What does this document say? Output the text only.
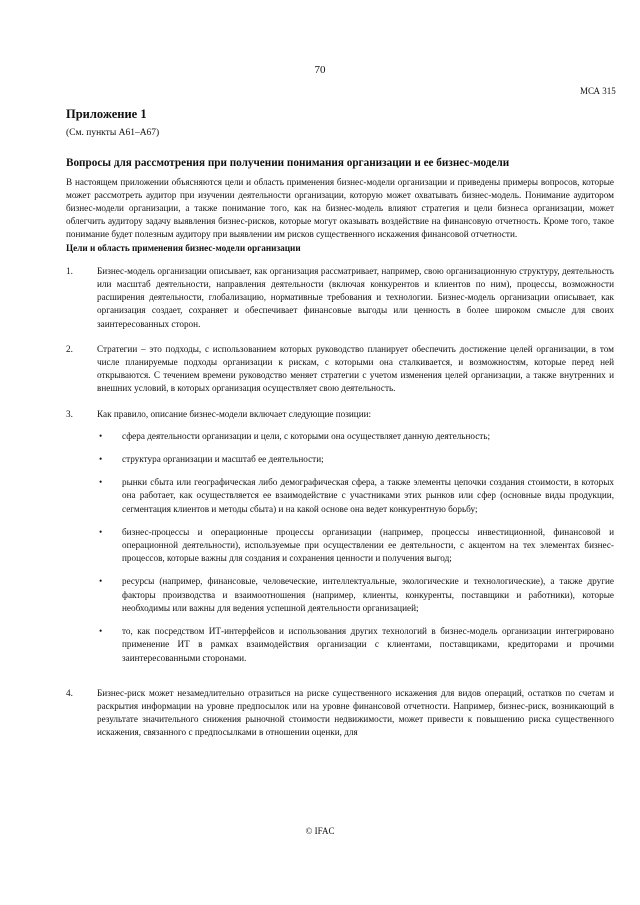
70
МСА 315
Приложение 1
(См. пункты A61–A67)
Вопросы для рассмотрения при получении понимания организации и ее бизнес-модели

В настоящем приложении объясняются цели и область применения бизнес-модели организации и приведены примеры вопросов, которые может рассмотреть аудитор при изучении деятельности организации, которую может охватывать бизнес-модель. Понимание аудитором бизнес-модели организации, а также понимание того, как на бизнес-модель влияют стратегия и цели бизнеса организации, может облегчить аудитору задачу выявления бизнес-рисков, которые могут оказывать воздействие на финансовую отчетность. Кроме того, такое понимание будет полезным аудитору при выявлении им рисков существенного искажения финансовой отчетности.

Цели и область применения бизнес-модели организации
1.	Бизнес-модель организации описывает, как организация рассматривает, например, свою организационную структуру, деятельность или масштаб деятельности, направления деятельности (включая конкурентов и клиентов по ним), процессы, возможности расширения деятельности, глобализацию, нормативные требования и технологии. Бизнес-модель организации описывает, как организация создает, сохраняет и обеспечивает финансовые выгоды или ценность в более широком смысле для своих заинтересованных сторон.
2.	Стратегии – это подходы, с использованием которых руководство планирует обеспечить достижение целей организации, в том числе планируемые подходы организации к рискам, с которыми она сталкивается, и возможностям, которые перед ней открываются. С течением времени руководство меняет стратегии с учетом изменения целей организации, а также внутренних и внешних условий, в которых организация осуществляет свою деятельность.
3.	Как правило, описание бизнес-модели включает следующие позиции:
•	сфера деятельности организации и цели, с которыми она осуществляет данную деятельность;
•	структура организации и масштаб ее деятельности;
•	рынки сбыта или географическая либо демографическая сфера, а также элементы цепочки создания стоимости, в которых она работает, как осуществляется ее взаимодействие с участниками этих рынков или сфер (основные виды продукции, сегментация клиентов и методы сбыта) и на какой основе она ведет конкурентную борьбу;
•	бизнес-процессы и операционные процессы организации (например, процессы инвестиционной, финансовой и операционной деятельности), используемые при осуществлении ее деятельности, с акцентом на тех элементах бизнес-процессов, которые важны для создания и сохранения ценности и получения выгод;
•	ресурсы (например, финансовые, человеческие, интеллектуальные, экологические и технологические), а также другие факторы производства и взаимоотношения (например, клиенты, конкуренты, поставщики и работники), которые необходимы или важны для ведения успешной деятельности организацией;
•	то, как посредством ИТ-интерфейсов и использования других технологий в бизнес-модель организации интегрировано применение ИТ в рамках взаимодействия организации с клиентами, поставщиками, кредиторами и прочими заинтересованными сторонами.
4.	Бизнес-риск может незамедлительно отразиться на риске существенного искажения для видов операций, остатков по счетам и раскрытия информации на уровне предпосылок или на уровне финансовой отчетности. Например, бизнес-риск, возникающий в результате значительного снижения рыночной стоимости недвижимости, может привести к повышению риска существенного искажения, связанного с предпосылками в отношении оценки, для
© IFAC
